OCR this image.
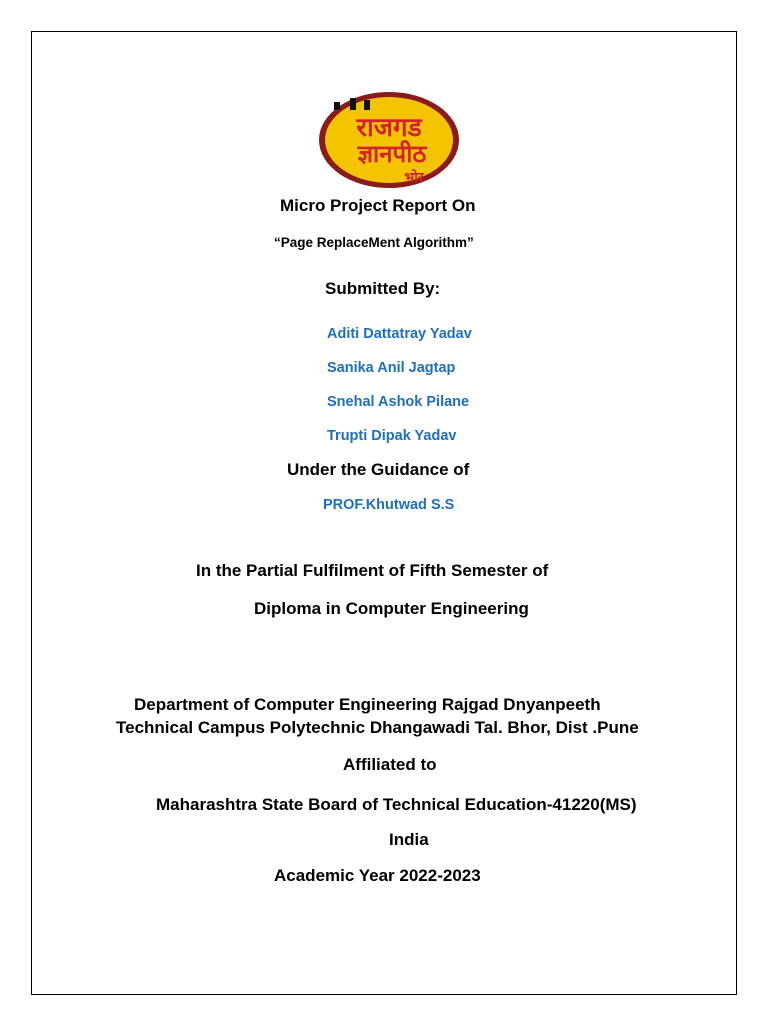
राजगड
ज्ञानपीठ
भोर
Micro Project Report On
“Page ReplaceMent Algorithm”
Submitted By:
Aditi Dattatray Yadav
Sanika Anil Jagtap
Snehal Ashok Pilane
Trupti Dipak Yadav
Under the Guidance of
PROF.Khutwad S.S
In the Partial Fulfilment of Fifth Semester of
Diploma in Computer Engineering
Department of Computer Engineering Rajgad Dnyanpeeth
Technical Campus Polytechnic Dhangawadi Tal. Bhor, Dist .Pune
Affiliated to
Maharashtra State Board of Technical Education-41220(MS)
India
Academic Year 2022-2023
